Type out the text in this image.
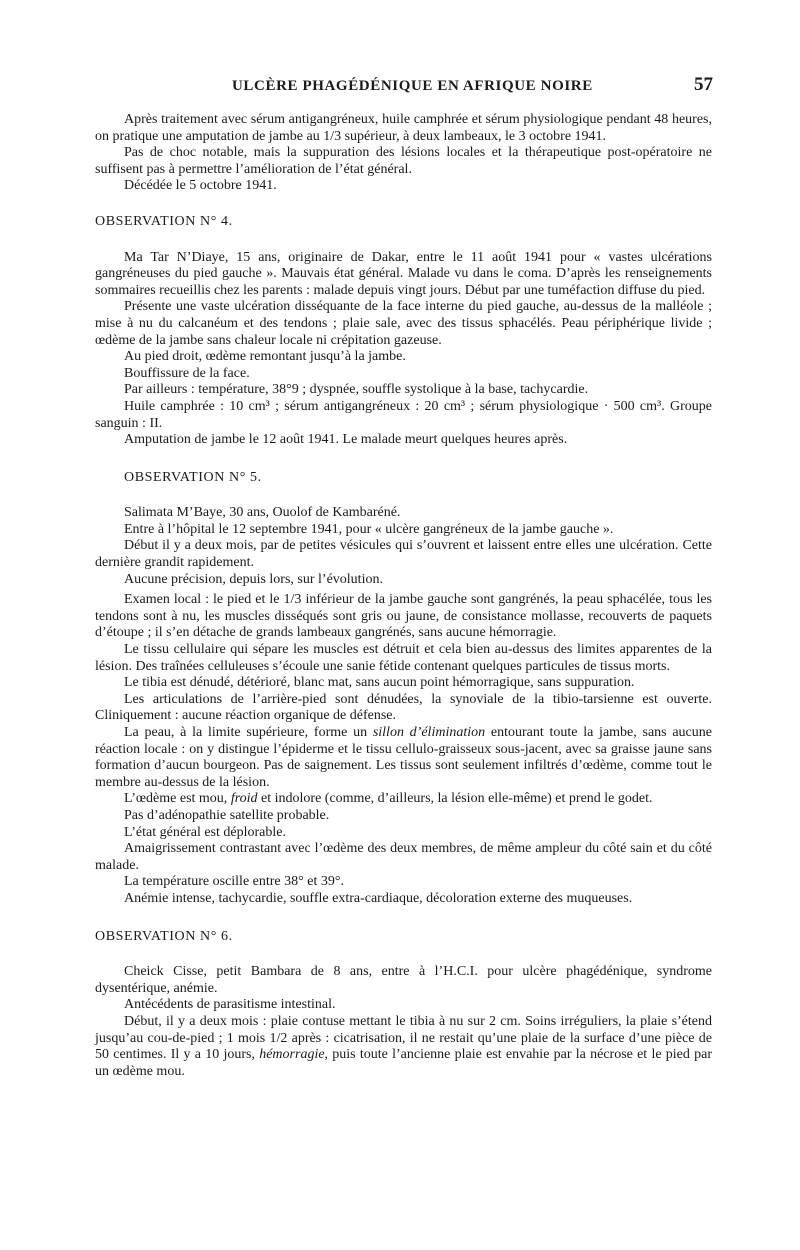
ULCÈRE PHAGÉDÉNIQUE EN AFRIQUE NOIRE	57

Après traitement avec sérum antigangréneux, huile camphrée et sérum physiologique pendant 48 heures, on pratique une amputation de jambe au 1/3 supérieur, à deux lambeaux, le 3 octobre 1941.

Pas de choc notable, mais la suppuration des lésions locales et la thérapeutique post-opératoire ne suffisent pas à permettre l’amélioration de l’état général.

Décédée le 5 octobre 1941.

OBSERVATION N° 4.

Ma Tar N’Diaye, 15 ans, originaire de Dakar, entre le 11 août 1941 pour « vastes ulcérations gangréneuses du pied gauche ». Mauvais état général. Malade vu dans le coma. D’après les renseignements sommaires recueillis chez les parents : malade depuis vingt jours. Début par une tuméfaction diffuse du pied.

Présente une vaste ulcération disséquante de la face interne du pied gauche, au-dessus de la malléole ; mise à nu du calcanéum et des tendons ; plaie sale, avec des tissus sphacélés. Peau périphérique livide ; œdème de la jambe sans chaleur locale ni crépitation gazeuse.

Au pied droit, œdème remontant jusqu’à la jambe.

Bouffissure de la face.

Par ailleurs : température, 38°9 ; dyspnée, souffle systolique à la base, tachycardie.

Huile camphrée : 10 cm³ ; sérum antigangréneux : 20 cm³ ; sérum physiologique · 500 cm³. Groupe sanguin : II.

Amputation de jambe le 12 août 1941. Le malade meurt quelques heures après.

OBSERVATION N° 5.

Salimata M’Baye, 30 ans, Ouolof de Kambaréné.

Entre à l’hôpital le 12 septembre 1941, pour « ulcère gangréneux de la jambe gauche ».

Début il y a deux mois, par de petites vésicules qui s’ouvrent et laissent entre elles une ulcération. Cette dernière grandit rapidement.

Aucune précision, depuis lors, sur l’évolution.

Examen local : le pied et le 1/3 inférieur de la jambe gauche sont gangrénés, la peau sphacélée, tous les tendons sont à nu, les muscles disséqués sont gris ou jaune, de consistance mollasse, recouverts de paquets d’étoupe ; il s’en détache de grands lambeaux gangrénés, sans aucune hémorragie.

Le tissu cellulaire qui sépare les muscles est détruit et cela bien au-dessus des limites apparentes de la lésion. Des traînées celluleuses s’écoule une sanie fétide contenant quelques particules de tissus morts.

Le tibia est dénudé, détérioré, blanc mat, sans aucun point hémorragique, sans suppuration.

Les articulations de l’arrière-pied sont dénudées, la synoviale de la tibio-tarsienne est ouverte. Cliniquement : aucune réaction organique de défense.

La peau, à la limite supérieure, forme un sillon d’élimination entourant toute la jambe, sans aucune réaction locale : on y distingue l’épiderme et le tissu cellulo-graisseux sous-jacent, avec sa graisse jaune sans formation d’aucun bourgeon. Pas de saignement. Les tissus sont seulement infiltrés d’œdème, comme tout le membre au-dessus de la lésion.

L’œdème est mou, froid et indolore (comme, d’ailleurs, la lésion elle-même) et prend le godet.

Pas d’adénopathie satellite probable.

L’état général est déplorable.

Amaigrissement contrastant avec l’œdème des deux membres, de même ampleur du côté sain et du côté malade.

La température oscille entre 38° et 39°.

Anémie intense, tachycardie, souffle extra-cardiaque, décoloration externe des muqueuses.

OBSERVATION N° 6.

Cheick Cisse, petit Bambara de 8 ans, entre à l’H.C.I. pour ulcère phagédénique, syndrome dysentérique, anémie.

Antécédents de parasitisme intestinal.

Début, il y a deux mois : plaie contuse mettant le tibia à nu sur 2 cm. Soins irréguliers, la plaie s’étend jusqu’au cou-de-pied ; 1 mois 1/2 après : cicatrisation, il ne restait qu’une plaie de la surface d’une pièce de 50 centimes. Il y a 10 jours, hémorragie, puis toute l’ancienne plaie est envahie par la nécrose et le pied par un œdème mou.
